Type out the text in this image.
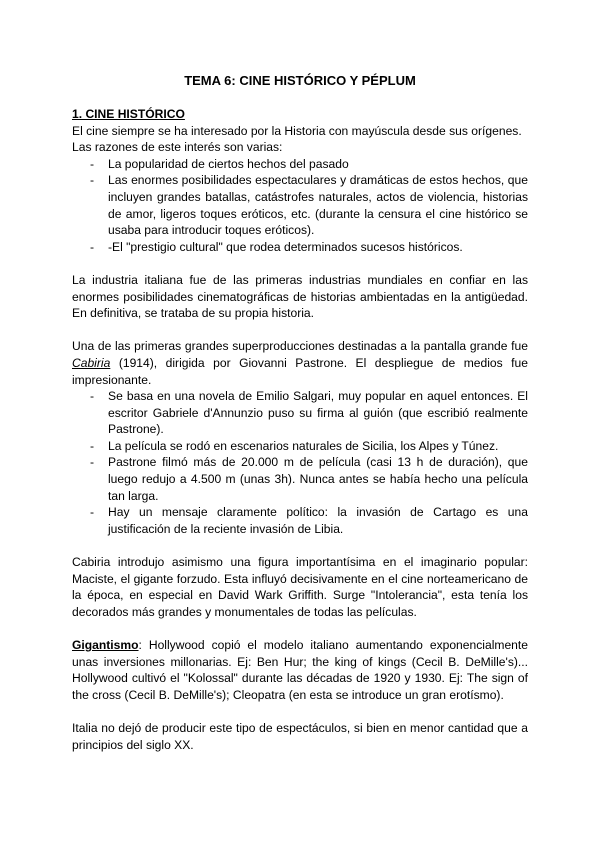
TEMA 6: CINE HISTÓRICO Y PÉPLUM
1. CINE HISTÓRICO

El cine siempre se ha interesado por la Historia con mayúscula desde sus orígenes. Las razones de este interés son varias:

- La popularidad de ciertos hechos del pasado
- Las enormes posibilidades espectaculares y dramáticas de estos hechos, que incluyen grandes batallas, catástrofes naturales, actos de violencia, historias de amor, ligeros toques eróticos, etc. (durante la censura el cine histórico se usaba para introducir toques eróticos).
- -El "prestigio cultural" que rodea determinados sucesos históricos.

La industria italiana fue de las primeras industrias mundiales en confiar en las enormes posibilidades cinematográficas de historias ambientadas en la antigüedad. En definitiva, se trataba de su propia historia.

Una de las primeras grandes superproducciones destinadas a la pantalla grande fue Cabiria (1914), dirigida por Giovanni Pastrone. El despliegue de medios fue impresionante.

- Se basa en una novela de Emilio Salgari, muy popular en aquel entonces. El escritor Gabriele d'Annunzio puso su firma al guión (que escribió realmente Pastrone).
- La película se rodó en escenarios naturales de Sicilia, los Alpes y Túnez.
- Pastrone filmó más de 20.000 m de película (casi 13 h de duración), que luego redujo a 4.500 m (unas 3h). Nunca antes se había hecho una película tan larga.
- Hay un mensaje claramente político: la invasión de Cartago es una justificación de la reciente invasión de Libia.

Cabiria introdujo asimismo una figura importantísima en el imaginario popular: Maciste, el gigante forzudo. Esta influyó decisivamente en el cine norteamericano de la época, en especial en David Wark Griffith. Surge "Intolerancia", esta tenía los decorados más grandes y monumentales de todas las películas.

Gigantismo: Hollywood copió el modelo italiano aumentando exponencialmente unas inversiones millonarias. Ej: Ben Hur; the king of kings (Cecil B. DeMille's)... Hollywood cultivó el "Kolossal" durante las décadas de 1920 y 1930. Ej: The sign of the cross (Cecil B. DeMille's); Cleopatra (en esta se introduce un gran erotísmo).

Italia no dejó de producir este tipo de espectáculos, si bien en menor cantidad que a principios del siglo XX.
